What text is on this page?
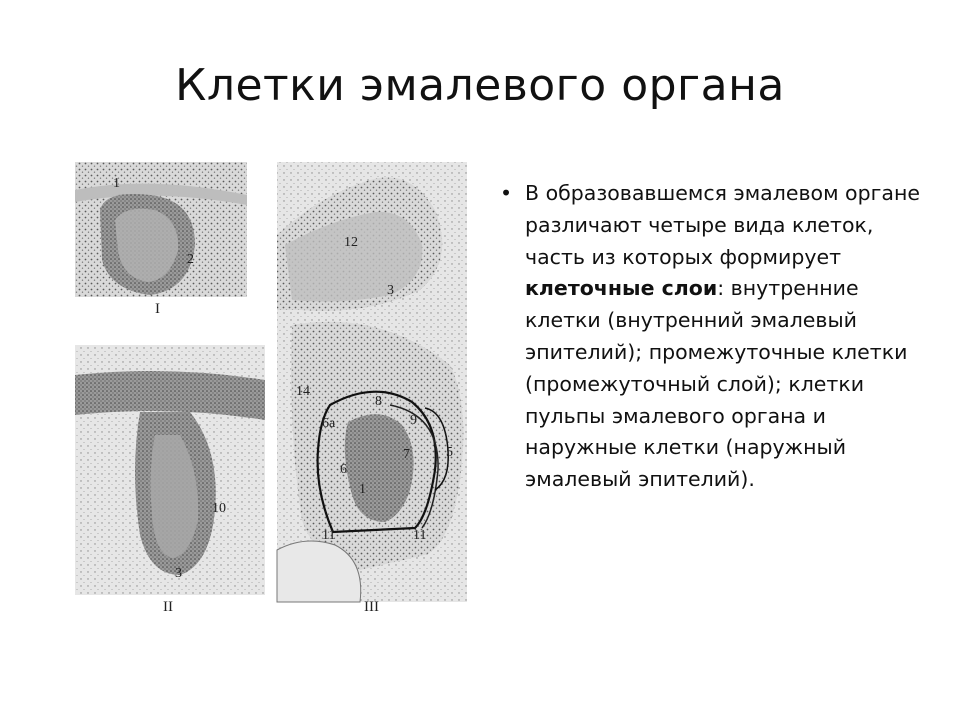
Клетки эмалевого органа
1
2
I
10
3
II
12
3
14
8
6а	9
5
7
6
1
11	11
III
• В образовавшемся эмалевом органе различают четыре вида клеток, часть из которых формирует клеточные слои: внутренние клетки (внутренний эмалевый эпителий); промежуточные клетки (промежуточный слой); клетки пульпы эмалевого органа и наружные клетки (наружный эмалевый эпителий).
